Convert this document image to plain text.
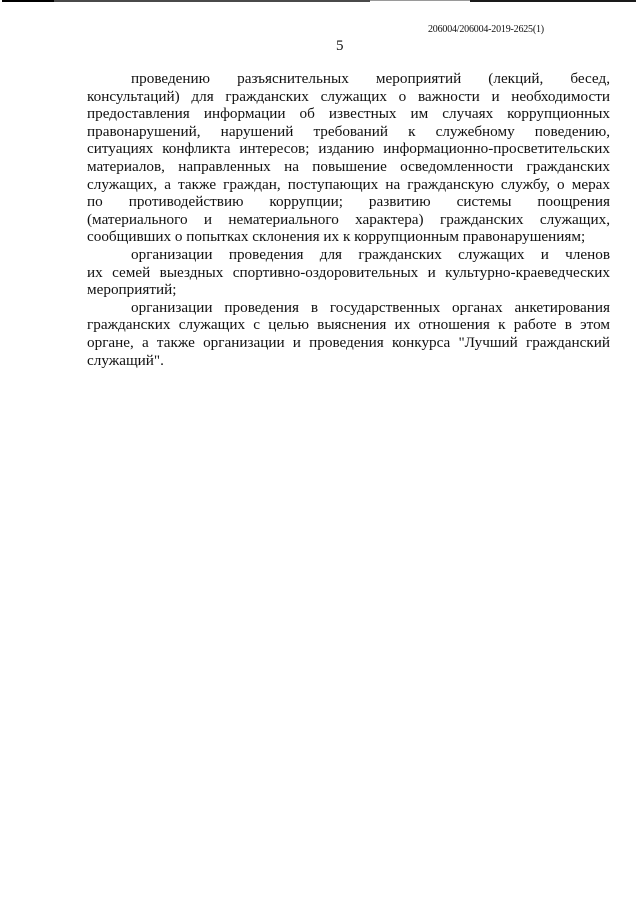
206004/206004-2019-2625(1)
5
проведению разъяснительных мероприятий (лекций, бесед,
консультаций) для гражданских служащих о важности и необходимости
предоставления информации об известных им случаях коррупционных
правонарушений, нарушений требований к служебному поведению,
ситуациях конфликта интересов; изданию информационно-просветительских
материалов, направленных на повышение осведомленности гражданских
служащих, а также граждан, поступающих на гражданскую службу, о мерах
по противодействию коррупции; развитию системы поощрения
(материального и нематериального характера) гражданских служащих,
сообщивших о попытках склонения их к коррупционным правонарушениям;
организации проведения для гражданских служащих и членов
их семей выездных спортивно-оздоровительных и культурно-краеведческих
мероприятий;
организации проведения в государственных органах анкетирования
гражданских служащих с целью выяснения их отношения к работе в этом
органе, а также организации и проведения конкурса "Лучший гражданский
служащий".
